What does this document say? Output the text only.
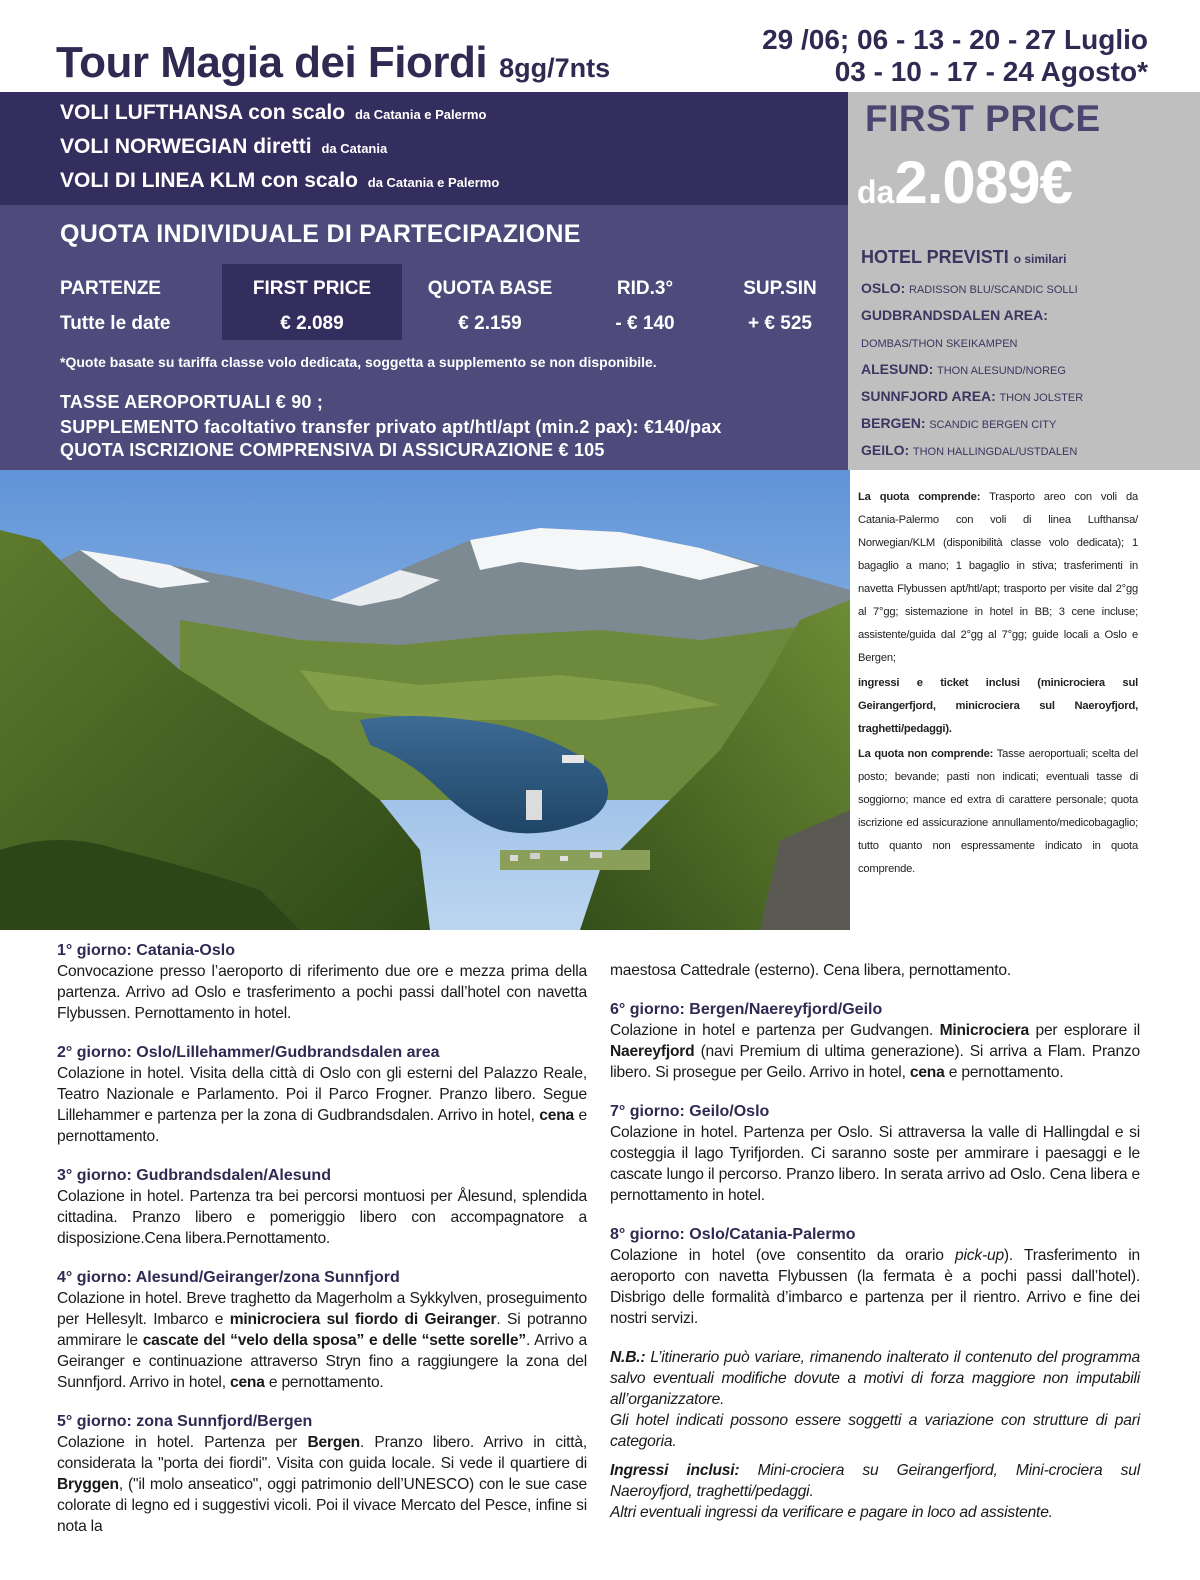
Tour Magia dei Fiordi 8gg/7nts
29 /06; 06 - 13 - 20 - 27 Luglio
03 - 10 - 17 - 24 Agosto*
VOLI LUFTHANSA con scalo da Catania e Palermo
VOLI NORWEGIAN diretti da Catania
VOLI DI LINEA KLM con scalo da Catania e Palermo
QUOTA INDIVIDUALE DI PARTECIPAZIONE
PARTENZE	FIRST PRICE	QUOTA BASE	RID.3°	SUP.SIN
Tutte le date	€ 2.089	€ 2.159	- € 140	+ € 525
*Quote basate su tariffa classe volo dedicata, soggetta a supplemento se non disponibile.
TASSE AEROPORTUALI € 90 ;
SUPPLEMENTO facoltativo transfer privato apt/htl/apt (min.2 pax): €140/pax
QUOTA ISCRIZIONE COMPRENSIVA DI ASSICURAZIONE € 105
FIRST PRICE
da2.089€
HOTEL PREVISTI o similari
OSLO: RADISSON BLU/SCANDIC SOLLI
GUDBRANDSDALEN AREA:
DOMBAS/THON SKEIKAMPEN
ALESUND: THON ALESUND/NOREG
SUNNFJORD AREA: THON JOLSTER
BERGEN: SCANDIC BERGEN CITY
GEILO: THON HALLINGDAL/USTDALEN

La quota comprende: Trasporto areo con voli da Catania-Palermo con voli di linea Lufthansa/ Norwegian/KLM (disponibilità classe volo dedicata); 1 bagaglio a mano; 1 bagaglio in stiva; trasferimenti in navetta Flybussen apt/htl/apt; trasporto per visite dal 2°gg al 7°gg; sistemazione in hotel in BB; 3 cene incluse; assistente/guida dal 2°gg al 7°gg; guide locali a Oslo e Bergen;

ingressi e ticket inclusi (minicrociera sul Geirangerfjord, minicrociera sul Naeroyfjord, traghetti/pedaggi).

La quota non comprende: Tasse aeroportuali; scelta del posto; bevande; pasti non indicati; eventuali tasse di soggiorno; mance ed extra di carattere personale; quota iscrizione ed assicurazione annullamento/medicobagaglio; tutto quanto non espressamente indicato in quota comprende.

1° giorno: Catania-Oslo
Convocazione presso l’aeroporto di riferimento due ore e mezza prima della partenza. Arrivo ad Oslo e trasferimento a pochi passi dall’hotel con navetta Flybussen. Pernottamento in hotel.
2° giorno: Oslo/Lillehammer/Gudbrandsdalen area
Colazione in hotel. Visita della città di Oslo con gli esterni del Palazzo Reale, Teatro Nazionale e Parlamento. Poi il Parco Frogner. Pranzo libero. Segue Lillehammer e partenza per la zona di Gudbrandsdalen. Arrivo in hotel, cena e pernottamento.
3° giorno: Gudbrandsdalen/Alesund
Colazione in hotel. Partenza tra bei percorsi montuosi per Ålesund, splendida cittadina. Pranzo libero e pomeriggio libero con accompagnatore a disposizione.Cena libera.Pernottamento.
4° giorno: Alesund/Geiranger/zona Sunnfjord
Colazione in hotel. Breve traghetto da Magerholm a Sykkylven, proseguimento per Hellesylt. Imbarco e minicrociera sul fiordo di Geiranger. Si potranno ammirare le cascate del “velo della sposa” e delle “sette sorelle”. Arrivo a Geiranger e continuazione attraverso Stryn fino a raggiungere la zona del Sunnfjord. Arrivo in hotel, cena e pernottamento.
5° giorno: zona Sunnfjord/Bergen
Colazione in hotel. Partenza per Bergen. Pranzo libero. Arrivo in città, considerata la "porta dei fiordi". Visita con guida locale. Si vede il quartiere di Bryggen, ("il molo anseatico", oggi patrimonio dell’UNESCO) con le sue case colorate di legno ed i suggestivi vicoli. Poi il vivace Mercato del Pesce, infine si nota la
maestosa Cattedrale (esterno). Cena libera, pernottamento.
6° giorno: Bergen/Naereyfjord/Geilo
Colazione in hotel e partenza per Gudvangen. Minicrociera per esplorare il Naereyfjord (navi Premium di ultima generazione). Si arriva a Flam. Pranzo libero. Si prosegue per Geilo. Arrivo in hotel, cena e pernottamento.
7° giorno: Geilo/Oslo
Colazione in hotel. Partenza per Oslo. Si attraversa la valle di Hallingdal e si costeggia il lago Tyrifjorden. Ci saranno soste per ammirare i paesaggi e le cascate lungo il percorso. Pranzo libero. In serata arrivo ad Oslo. Cena libera e pernottamento in hotel.
8° giorno: Oslo/Catania-Palermo
Colazione in hotel (ove consentito da orario pick-up). Trasferimento in aeroporto con navetta Flybussen (la fermata è a pochi passi dall’hotel). Disbrigo delle formalità d’imbarco e partenza per il rientro. Arrivo e fine dei nostri servizi.

N.B.: L’itinerario può variare, rimanendo inalterato il contenuto del programma salvo eventuali modifiche dovute a motivi di forza maggiore non imputabili all’organizzatore.

Gli hotel indicati possono essere soggetti a variazione con strutture di pari categoria.

Ingressi inclusi: Mini-crociera su Geirangerfjord, Mini-crociera sul Naeroyfjord, traghetti/pedaggi.

Altri eventuali ingressi da verificare e pagare in loco ad assistente.
